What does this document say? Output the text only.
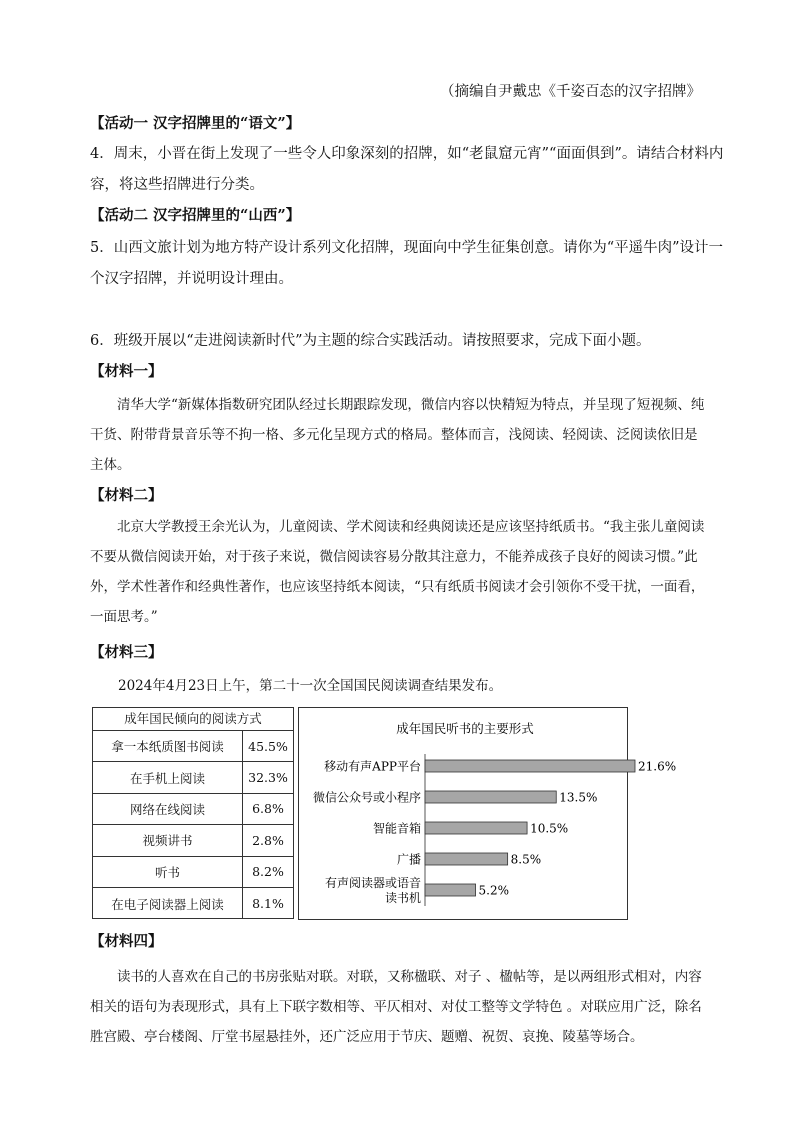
（摘编自尹戴忠《千姿百态的汉字招牌》
【活动一 汉字招牌里的“语文”】
4．周末，小晋在街上发现了一些令人印象深刻的招牌，如“老鼠窟元宵”“面面俱到”。请结合材料内
容，将这些招牌进行分类。
【活动二 汉字招牌里的“山西”】
5．山西文旅计划为地方特产设计系列文化招牌，现面向中学生征集创意。请你为“平遥牛肉”设计一
个汉字招牌，并说明设计理由。
6．班级开展以“走进阅读新时代”为主题的综合实践活动。请按照要求，完成下面小题。
【材料一】
清华大学“新媒体指数研究团队经过长期跟踪发现，微信内容以快精短为特点，并呈现了短视频、纯干货、附带背景音乐等不拘一格、多元化呈现方式的格局。整体而言，浅阅读、轻阅读、泛阅读依旧是主体。
【材料二】
北京大学教授王余光认为，儿童阅读、学术阅读和经典阅读还是应该坚持纸质书。“我主张儿童阅读不要从微信阅读开始，对于孩子来说，微信阅读容易分散其注意力，不能养成孩子良好的阅读习惯。”此外，学术性著作和经典性著作，也应该坚持纸本阅读，“只有纸质书阅读才会引领你不受干扰，一面看，一面思考。”
【材料三】
2024年4月23日上午，第二十一次全国国民阅读调查结果发布。
成年国民倾向的阅读方式
拿一本纸质图书阅读	45.5%
在手机上阅读	32.3%
网络在线阅读	6.8%
视频讲书	2.8%
听书	8.2%
在电子阅读器上阅读	8.1%
成年国民听书的主要形式
21.6%
移动有声APP平台
13.5%
微信公众号或小程序
10.5%
智能音箱
8.5%
广播
5.2%
有声阅读器或语音
读书机
【材料四】
读书的人喜欢在自己的书房张贴对联。对联，又称楹联、对子 、楹帖等，是以两组形式相对，内容相关的语句为表现形式，具有上下联字数相等、平仄相对、对仗工整等文学特色 。对联应用广泛，除名胜宫殿、亭台楼阁、厅堂书屋悬挂外，还广泛应用于节庆、题赠、祝贺、哀挽、陵墓等场合。
